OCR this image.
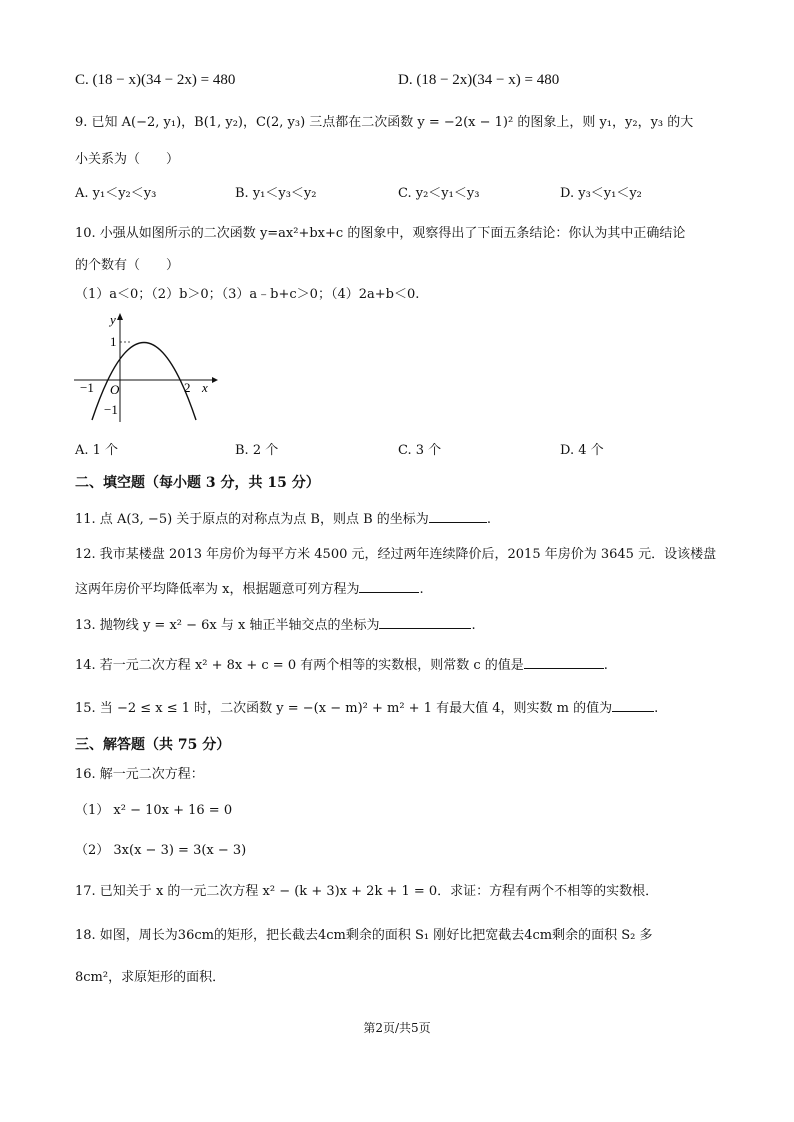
C. (18 − x)(34 − 2x) = 480	D. (18 − 2x)(34 − x) = 480
9. 已知 A(−2, y₁)，B(1, y₂)，C(2, y₃) 三点都在二次函数 y = −2(x − 1)² 的图象上，则 y₁，y₂，y₃ 的大
小关系为（　　）
A. y₁＜y₂＜y₃	B. y₁＜y₃＜y₂	C. y₂＜y₁＜y₃	D. y₃＜y₁＜y₂
10. 小强从如图所示的二次函数 y=ax²+bx+c 的图象中，观察得出了下面五条结论：你认为其中正确结论
的个数有（　　）
（1）a＜0；（2）b＞0；（3）a﹣b+c＞0；（4）2a+b＜0.
y
x
O
1
−1
−1	2
A. 1 个	B. 2 个	C. 3 个	D. 4 个
二、填空题（每小题 3 分，共 15 分）
11. 点 A(3, −5) 关于原点的对称点为点 B，则点 B 的坐标为	.
12. 我市某楼盘 2013 年房价为每平方米 4500 元，经过两年连续降价后，2015 年房价为 3645 元．设该楼盘
这两年房价平均降低率为 x，根据题意可列方程为	.
13. 抛物线 y = x² − 6x 与 x 轴正半轴交点的坐标为	.
14. 若一元二次方程 x² + 8x + c = 0 有两个相等的实数根，则常数 c 的值是	.
15. 当 −2 ≤ x ≤ 1 时，二次函数 y = −(x − m)² + m² + 1 有最大值 4，则实数 m 的值为	.
三、解答题（共 75 分）
16. 解一元二次方程：
（1） x² − 10x + 16 = 0
（2） 3x(x − 3) = 3(x − 3)
17. 已知关于 x 的一元二次方程 x² − (k + 3)x + 2k + 1 = 0．求证：方程有两个不相等的实数根．
18. 如图，周长为36cm的矩形，把长截去4cm剩余的面积 S₁ 刚好比把宽截去4cm剩余的面积 S₂ 多
8cm²，求原矩形的面积．
第2页/共5页
